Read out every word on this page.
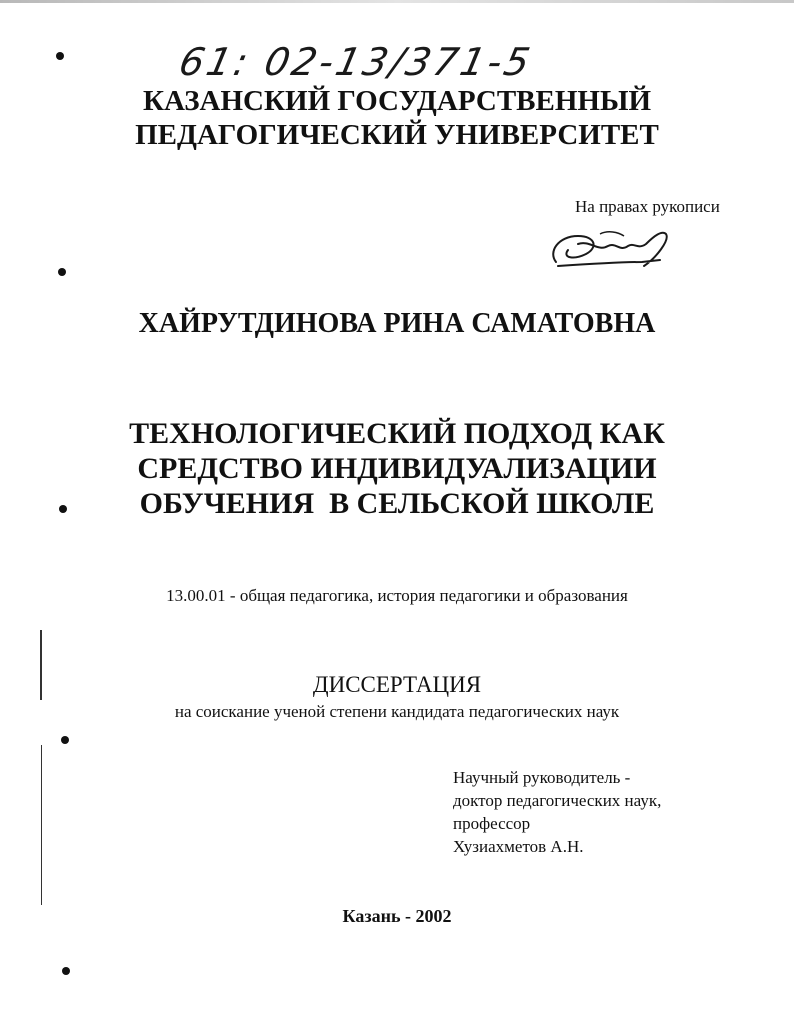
61: 02-13/371-5
КАЗАНСКИЙ ГОСУДАРСТВЕННЫЙ
ПЕДАГОГИЧЕСКИЙ УНИВЕРСИТЕТ
На правах рукописи
ХАЙРУТДИНОВА РИНА САМАТОВНА
ТЕХНОЛОГИЧЕСКИЙ ПОДХОД КАК
СРЕДСТВО ИНДИВИДУАЛИЗАЦИИ
ОБУЧЕНИЯ  В СЕЛЬСКОЙ ШКОЛЕ
13.00.01 - общая педагогика, история педагогики и образования
ДИССЕРТАЦИЯ
на соискание ученой степени кандидата педагогических наук
Научный руководитель -
доктор педагогических наук,
профессор
Хузиахметов А.Н.
Казань - 2002
